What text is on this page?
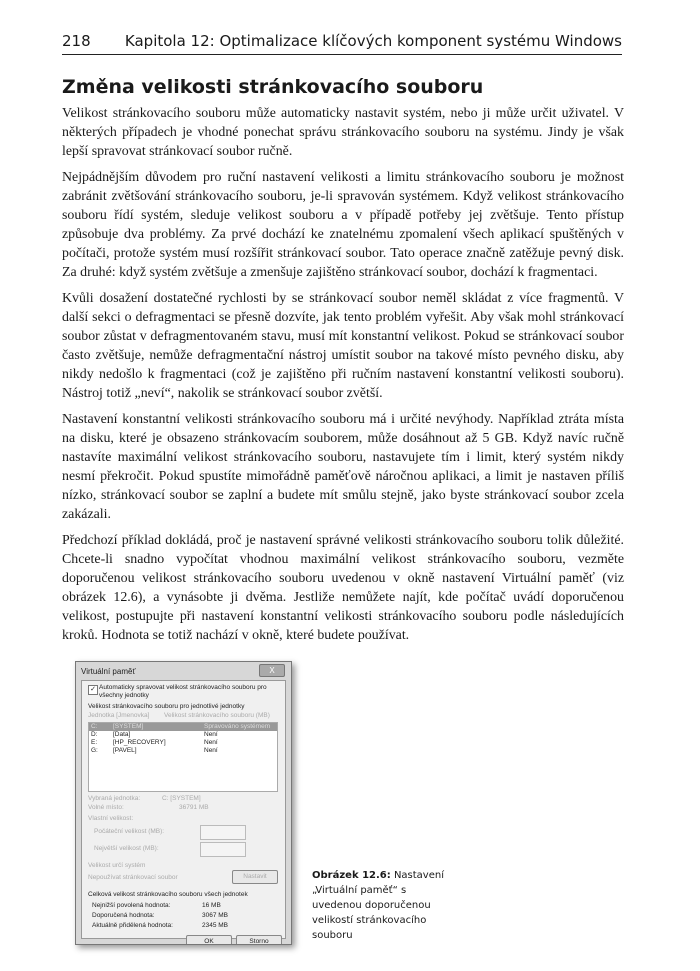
218 Kapitola 12: Optimalizace klíčových komponent systému Windows
Změna velikosti stránkovacího souboru

Velikost stránkovacího souboru může automaticky nastavit systém, nebo ji může určit uživatel. V některých případech je vhodné ponechat správu stránkovacího souboru na systému. Jindy je však lepší spravovat stránkovací soubor ručně.

Nejpádnějším důvodem pro ruční nastavení velikosti a limitu stránkovacího souboru je možnost zabránit zvětšování stránkovacího souboru, je-li spravován systémem. Když velikost stránkovacího souboru řídí systém, sleduje velikost souboru a v případě potřeby jej zvětšuje. Tento přístup způsobuje dva problémy. Za prvé dochází ke znatelnému zpomalení všech aplikací spuštěných v počítači, protože systém musí rozšířit stránkovací soubor. Tato operace značně zatěžuje pevný disk. Za druhé: když systém zvětšuje a zmenšuje zajištěno stránkovací soubor, dochází k fragmentaci.

Kvůli dosažení dostatečné rychlosti by se stránkovací soubor neměl skládat z více fragmentů. V další sekci o defragmentaci se přesně dozvíte, jak tento problém vyřešit. Aby však mohl stránkovací soubor zůstat v defragmentovaném stavu, musí mít konstantní velikost. Pokud se stránkovací soubor často zvětšuje, nemůže defragmentační nástroj umístit soubor na takové místo pevného disku, aby nikdy nedošlo k fragmentaci (což je zajištěno při ručním nastavení konstantní velikosti souboru). Nástroj totiž „neví“, nakolik se stránkovací soubor zvětší.

Nastavení konstantní velikosti stránkovacího souboru má i určité nevýhody. Například ztráta místa na disku, které je obsazeno stránkovacím souborem, může dosáhnout až 5 GB. Když navíc ručně nastavíte maximální velikost stránkovacího souboru, nastavujete tím i limit, který systém nikdy nesmí překročit. Pokud spustíte mimořádně paměťově náročnou aplikaci, a limit je nastaven příliš nízko, stránkovací soubor se zaplní a budete mít smůlu stejně, jako byste stránkovací soubor zcela zakázali.

Předchozí příklad dokládá, proč je nastavení správné velikosti stránkovacího souboru tolik důležité. Chcete-li snadno vypočítat vhodnou maximální velikost stránkovacího souboru, vezměte doporučenou velikost stránkovacího souboru uvedenou v okně nastavení Virtuální paměť (viz obrázek 12.6), a vynásobte ji dvěma. Jestliže nemůžete najít, kde počítač uvádí doporučenou velikost, postupujte při nastavení konstantní velikosti stránkovacího souboru podle následujících kroků. Hodnota se totiž nachází v okně, které budete používat.

Virtuální paměť	X
✓ Automaticky spravovat velikost stránkovacího souboru pro všechny jednotky
Velikost stránkovacího souboru pro jednotlivé jednotky
Jednotka [Jmenovka] Velikost stránkovacího souboru (MB)
C: [SYSTEM]	Spravováno systémem
D: [Data]	Není
E: [HP_RECOVERY]	Není
G: [PAVEL]	Není
Vybraná jednotka:	C: [SYSTEM]
Volné místo:	36791 MB
Vlastní velikost:
Počáteční velikost (MB):
Největší velikost (MB):
Velikost určí systém
Nepoužívat stránkovací soubor	Nastavit
Celková velikost stránkovacího souboru všech jednotek
Nejnižší povolená hodnota:	16 MB
Doporučená hodnota:	3067 MB
Aktuálně přidělená hodnota:	2345 MB
OK	Storno
Obrázek 12.6: Nastavení „Virtuální paměť“ s uvedenou doporučenou velikostí stránkovacího souboru
